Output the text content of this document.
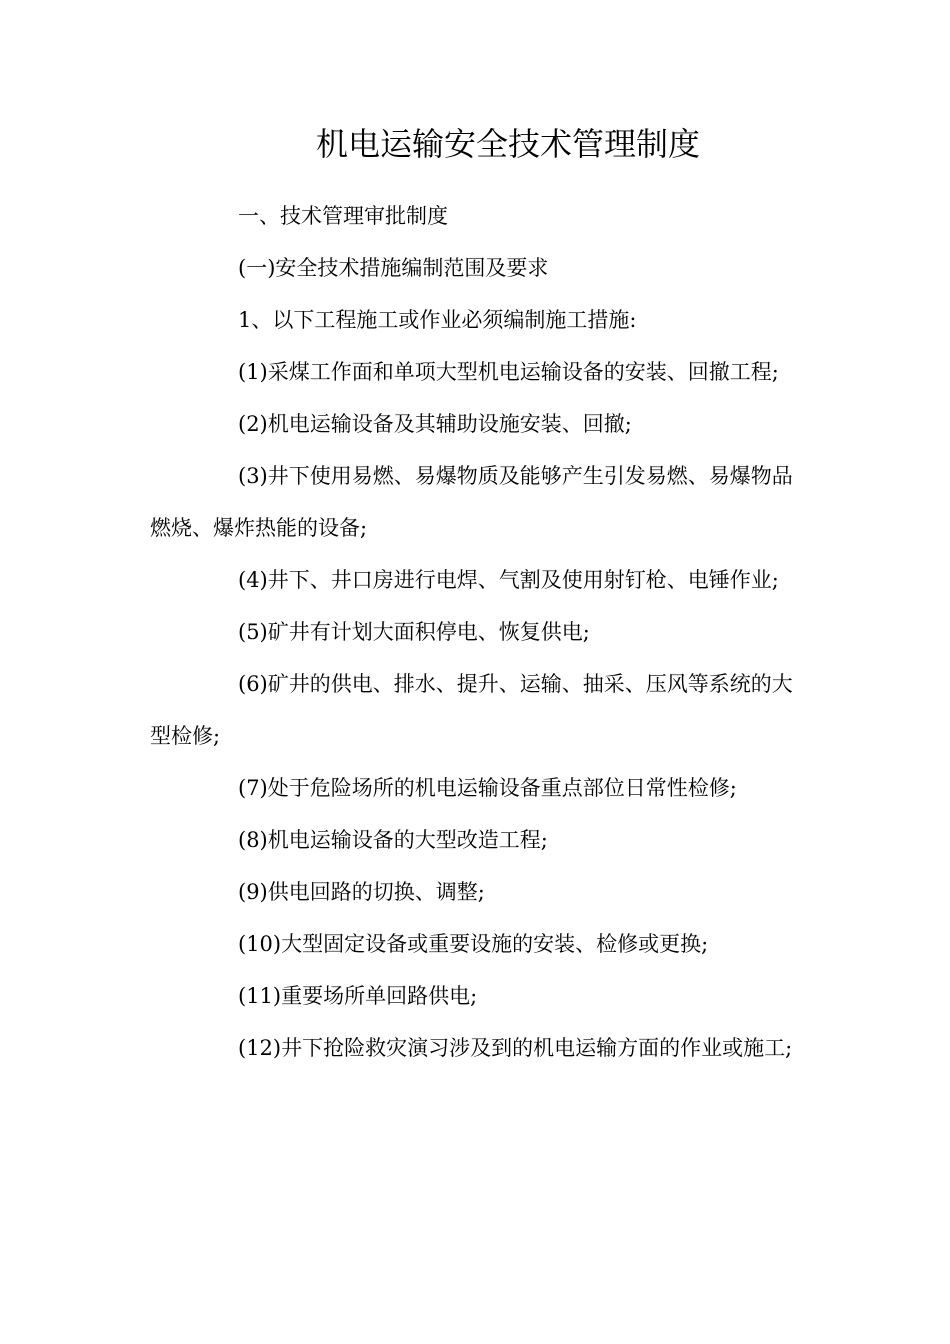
机电运输安全技术管理制度

一、技术管理审批制度

(一)安全技术措施编制范围及要求

1、以下工程施工或作业必须编制施工措施:

(1)采煤工作面和单项大型机电运输设备的安装、回撤工程;

(2)机电运输设备及其辅助设施安装、回撤;

(3)井下使用易燃、易爆物质及能够产生引发易燃、易爆物品燃烧、爆炸热能的设备;

(4)井下、井口房进行电焊、气割及使用射钉枪、电锤作业;

(5)矿井有计划大面积停电、恢复供电;

(6)矿井的供电、排水、提升、运输、抽采、压风等系统的大型检修;

(7)处于危险场所的机电运输设备重点部位日常性检修;

(8)机电运输设备的大型改造工程;

(9)供电回路的切换、调整;

(10)大型固定设备或重要设施的安装、检修或更换;

(11)重要场所单回路供电;

(12)井下抢险救灾演习涉及到的机电运输方面的作业或施工;
